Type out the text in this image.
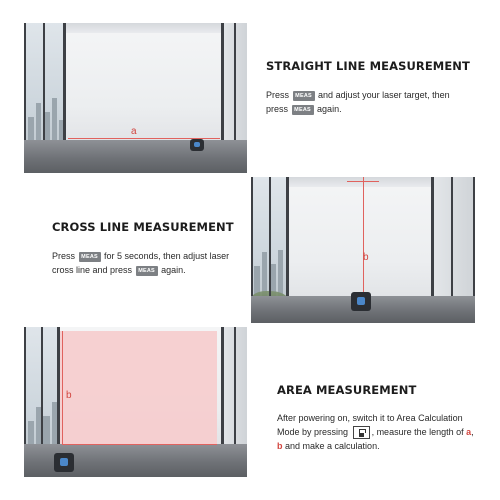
a
STRAIGHT LINE MEASUREMENT
Press MEAS and adjust your laser target, then
press MEAS again.
b
CROSS LINE MEASUREMENT
Press MEAS for 5 seconds, then adjust laser
cross line and press MEAS again.
b	AREA MEASUREMENT
After powering on, switch it to Area Calculation
Mode by pressing	, measure the length of a,
b and make a calculation.
